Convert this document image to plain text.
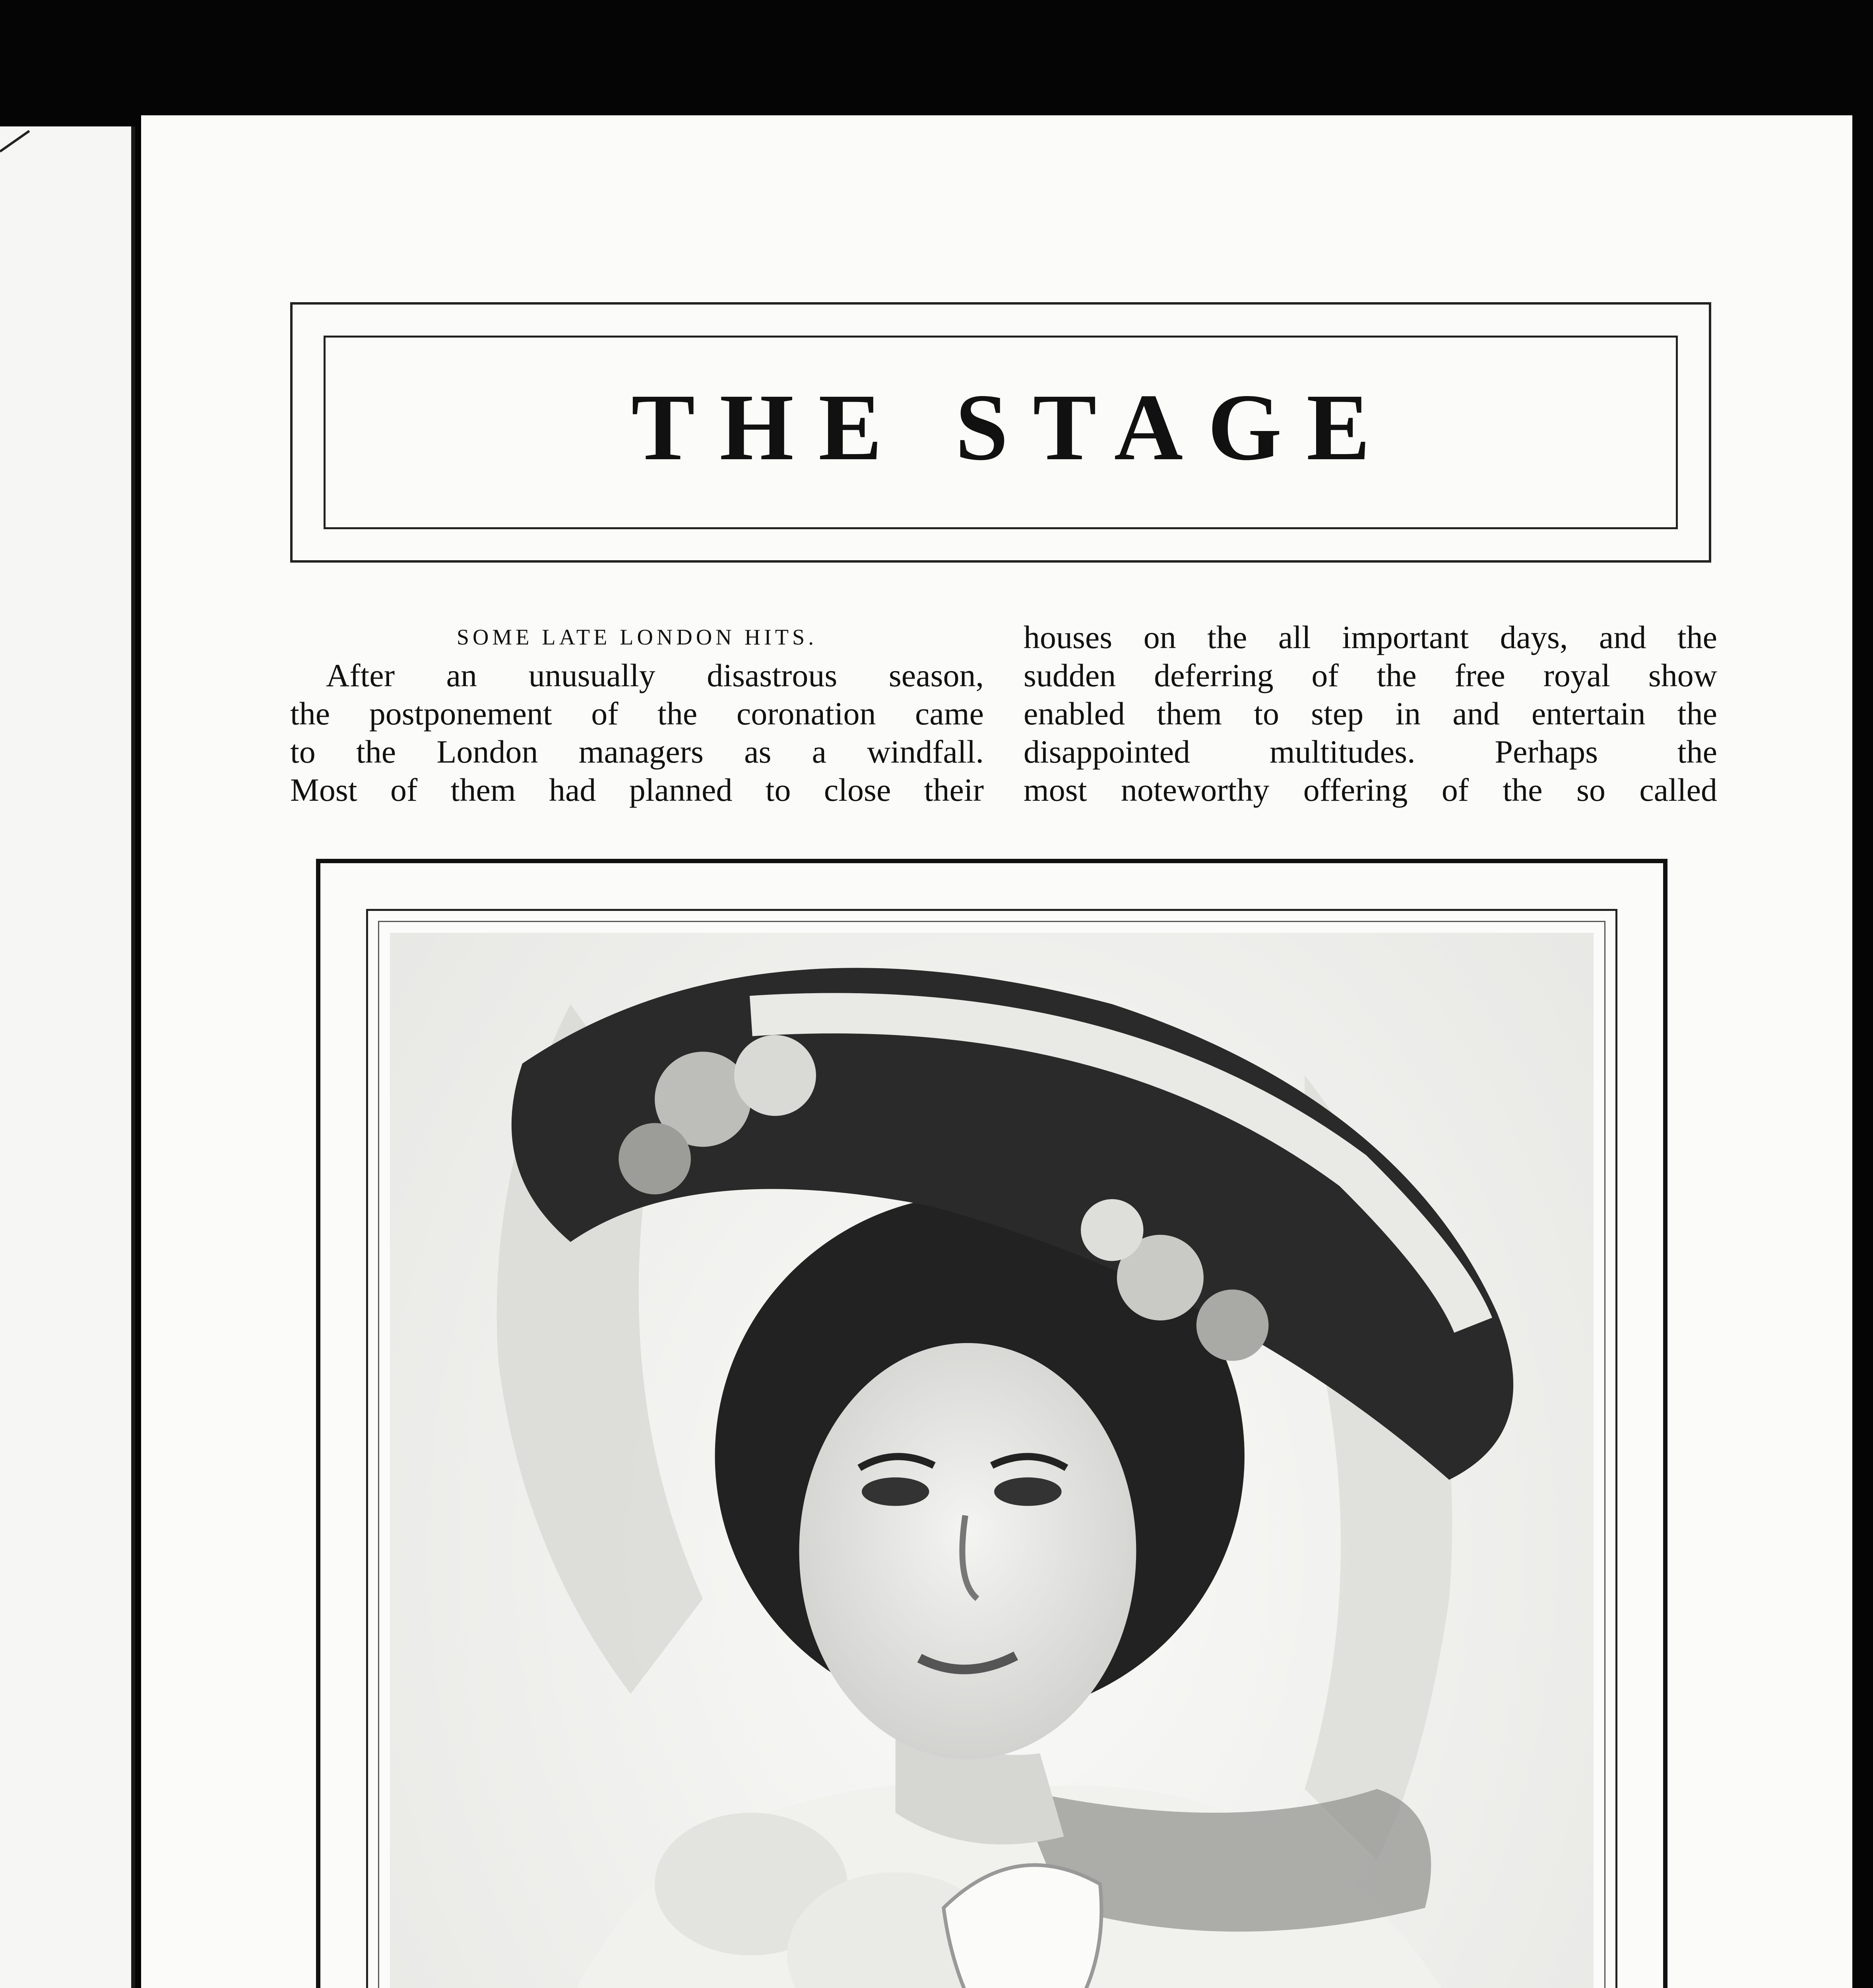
THE STAGE
SOME LATE LONDON HITS.
After an unusually disastrous season,
the postponement of the coronation came
to the London managers as a windfall.
Most of them had planned to close their
houses on the all important days, and the
sudden deferring of the free royal show
enabled them to step in and entertain the
disappointed multitudes. Perhaps the
most noteworthy offering of the so called
